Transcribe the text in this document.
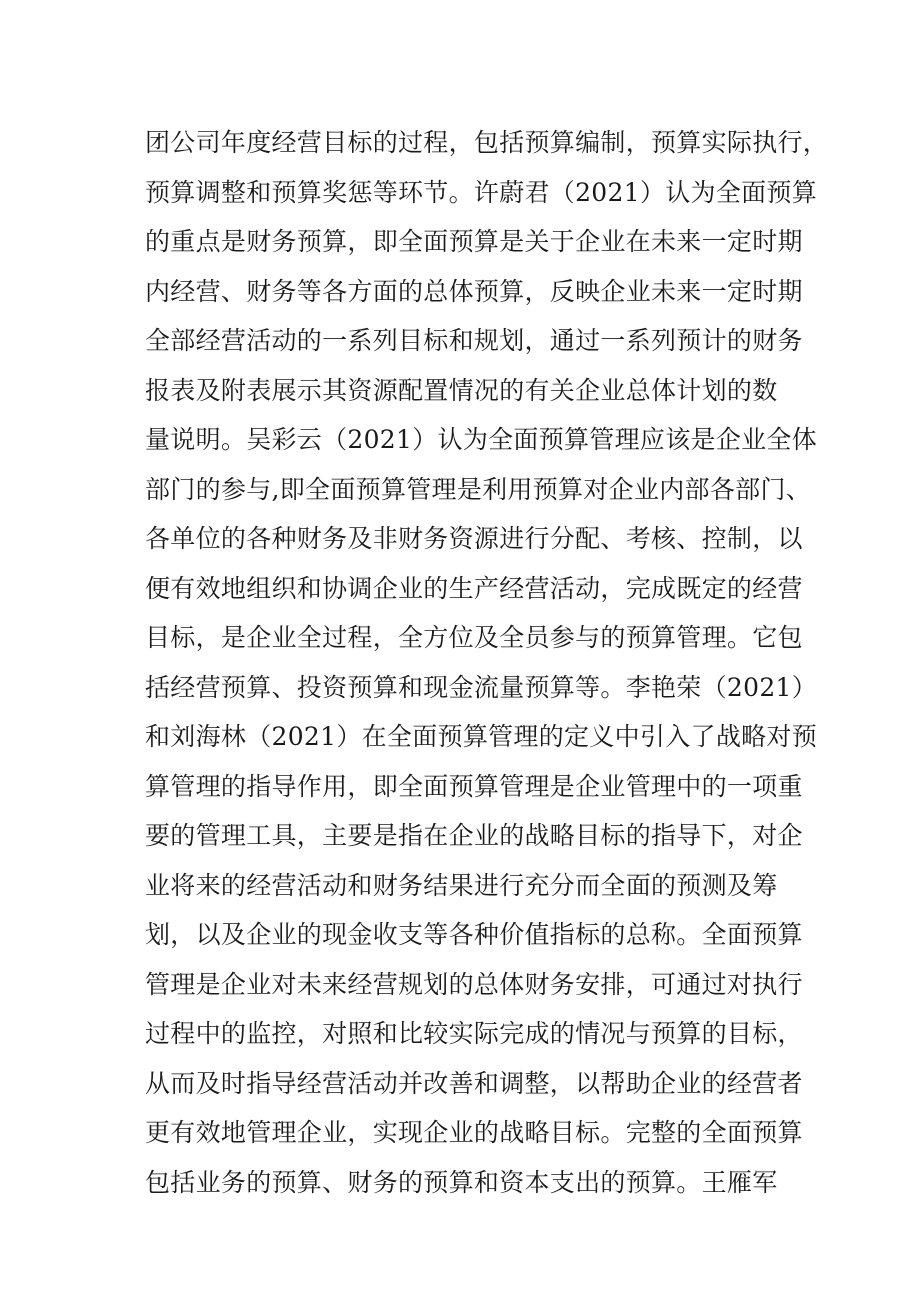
团公司年度经营目标的过程，包括预算编制，预算实际执行，
预算调整和预算奖惩等环节。许蔚君（2021）认为全面预算
的重点是财务预算，即全面预算是关于企业在未来一定时期
内经营、财务等各方面的总体预算，反映企业未来一定时期
全部经营活动的一系列目标和规划，通过一系列预计的财务
报表及附表展示其资源配置情况的有关企业总体计划的数
量说明。吴彩云（2021）认为全面预算管理应该是企业全体
部门的参与,即全面预算管理是利用预算对企业内部各部门、
各单位的各种财务及非财务资源进行分配、考核、控制，以
便有效地组织和协调企业的生产经营活动，完成既定的经营
目标，是企业全过程，全方位及全员参与的预算管理。它包
括经营预算、投资预算和现金流量预算等。李艳荣（2021）
和刘海林（2021）在全面预算管理的定义中引入了战略对预
算管理的指导作用，即全面预算管理是企业管理中的一项重
要的管理工具，主要是指在企业的战略目标的指导下，对企
业将来的经营活动和财务结果进行充分而全面的预测及筹
划，以及企业的现金收支等各种价值指标的总称。全面预算
管理是企业对未来经营规划的总体财务安排，可通过对执行
过程中的监控，对照和比较实际完成的情况与预算的目标，
从而及时指导经营活动并改善和调整，以帮助企业的经营者
更有效地管理企业，实现企业的战略目标。完整的全面预算
包括业务的预算、财务的预算和资本支出的预算。王雁军
